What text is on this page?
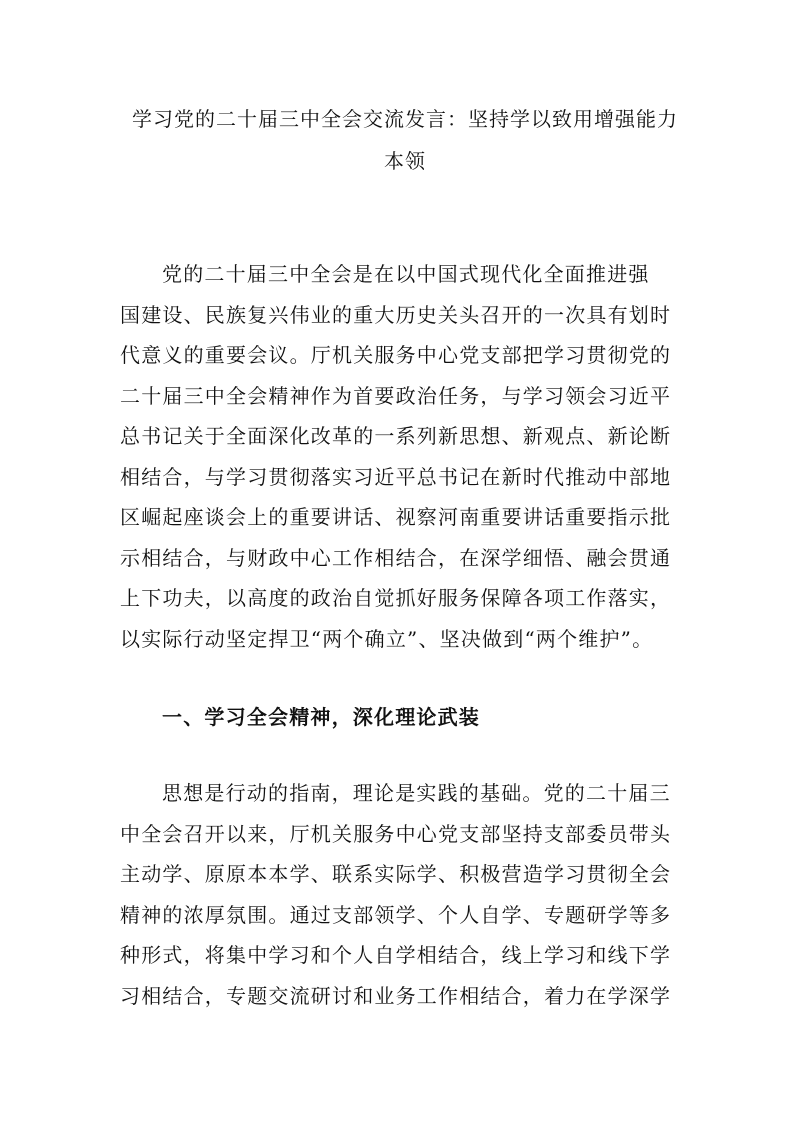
学习党的二十届三中全会交流发言：坚持学以致用增强能力
本领
党的二十届三中全会是在以中国式现代化全面推进强
国建设、民族复兴伟业的重大历史关头召开的一次具有划时
代意义的重要会议。厅机关服务中心党支部把学习贯彻党的
二十届三中全会精神作为首要政治任务，与学习领会习近平
总书记关于全面深化改革的一系列新思想、新观点、新论断
相结合，与学习贯彻落实习近平总书记在新时代推动中部地
区崛起座谈会上的重要讲话、视察河南重要讲话重要指示批
示相结合，与财政中心工作相结合，在深学细悟、融会贯通
上下功夫，以高度的政治自觉抓好服务保障各项工作落实，
以实际行动坚定捍卫“两个确立”、坚决做到“两个维护”。
一、学习全会精神，深化理论武装
思想是行动的指南，理论是实践的基础。党的二十届三
中全会召开以来，厅机关服务中心党支部坚持支部委员带头
主动学、原原本本学、联系实际学、积极营造学习贯彻全会
精神的浓厚氛围。通过支部领学、个人自学、专题研学等多
种形式，将集中学习和个人自学相结合，线上学习和线下学
习相结合，专题交流研讨和业务工作相结合，着力在学深学
